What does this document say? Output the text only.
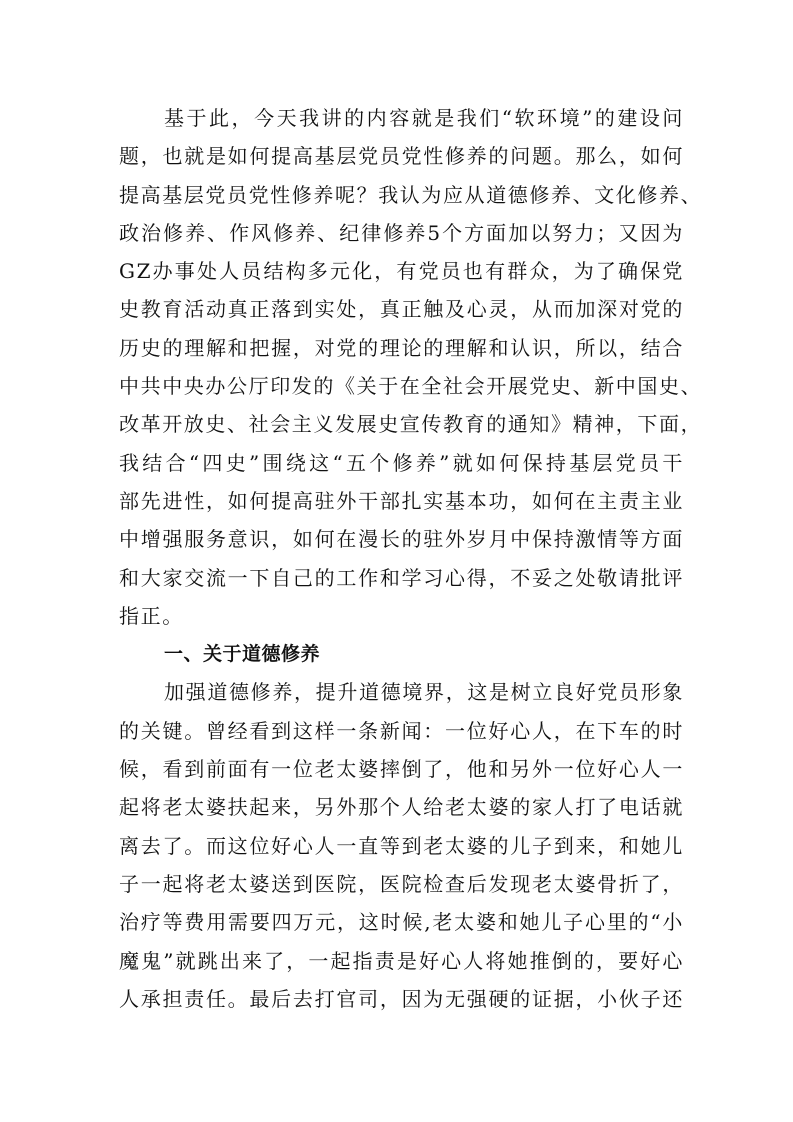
基于此，今天我讲的内容就是我们“软环境”的建设问
题，也就是如何提高基层党员党性修养的问题。那么，如何
提高基层党员党性修养呢？我认为应从道德修养、文化修养、
政治修养、作风修养、纪律修养5个方面加以努力；又因为
GZ办事处人员结构多元化，有党员也有群众，为了确保党
史教育活动真正落到实处，真正触及心灵，从而加深对党的
历史的理解和把握，对党的理论的理解和认识，所以，结合
中共中央办公厅印发的《关于在全社会开展党史、新中国史、
改革开放史、社会主义发展史宣传教育的通知》精神，下面，
我结合“四史”围绕这“五个修养”就如何保持基层党员干
部先进性，如何提高驻外干部扎实基本功，如何在主责主业
中增强服务意识，如何在漫长的驻外岁月中保持激情等方面
和大家交流一下自己的工作和学习心得，不妥之处敬请批评
指正。
一、关于道德修养
加强道德修养，提升道德境界，这是树立良好党员形象
的关键。曾经看到这样一条新闻：一位好心人，在下车的时
候，看到前面有一位老太婆摔倒了，他和另外一位好心人一
起将老太婆扶起来，另外那个人给老太婆的家人打了电话就
离去了。而这位好心人一直等到老太婆的儿子到来，和她儿
子一起将老太婆送到医院，医院检查后发现老太婆骨折了，
治疗等费用需要四万元，这时候,老太婆和她儿子心里的“小
魔鬼”就跳出来了，一起指责是好心人将她推倒的，要好心
人承担责任。最后去打官司，因为无强硬的证据，小伙子还
